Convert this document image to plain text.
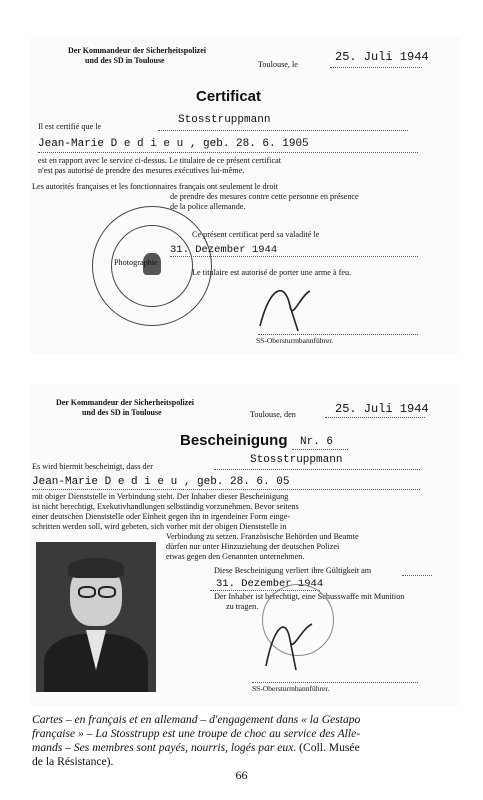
Der Kommandeur der Sicherheitspolizei
und des SD in Toulouse	Toulouse, le
25. Juli 1944
Certificat
Il est certifié que le
Stosstruppmann
Jean-Marie D e d i e u , geb. 28. 6. 1905
est en rapport avec le service ci-dessus. Le titulaire de ce présent certificat
n'est pas autorisé de prendre des mesures exécutives lui-même.
Les autorités françaises et les fonctionnaires français ont seulement le droit
de prendre des mesures contre cette personne en présence
de la police allemande.
Photographie
Ce présent certificat perd sa valadité le
31. Dezember 1944
Le titulaire est autorisé de porter une arme à feu.
SS-Obersturmbannführer.
Der Kommandeur der Sicherheitspolizei
und des SD in Toulouse	Toulouse, den	25. Juli 1944
Bescheinigung Nr. 6
Es wird hiermit bescheinigt, dass der
Stosstruppmann
Jean-Marie D e d i e u , geb. 28. 6. 05
mit obiger Dienststelle in Verbindung steht. Der Inhaber dieser Bescheinigung
ist nicht berechtigt, Exekutivhandlungen selbständig vorzunehmen. Bevor seitens
einer deutschen Dienststelle oder Einheit gegen ihn in irgendeiner Form einge-
schritten werden soll, wird gebeten, sich vorher mit der obigen Dienststelle in
Verbindung zu setzen. Französische Behörden und Beamte
dürfen nur unter Hinzuziehung der deutschen Polizei
etwas gegen den Genannten unternehmen.
Diese Bescheinigung verliert ihre Gültigkeit am
31. Dezember 1944
Der Inhaber ist berechtigt, eine Schusswaffe mit Munition
zu tragen.
SS-Obersturmbannführer.
Cartes – en français et en allemand – d'engagement dans « la Gestapo
française » – La Stosstrupp est une troupe de choc au service des Alle-
mands – Ses membres sont payés, nourris, logés par eux. (Coll. Musée
de la Résistance).
66
